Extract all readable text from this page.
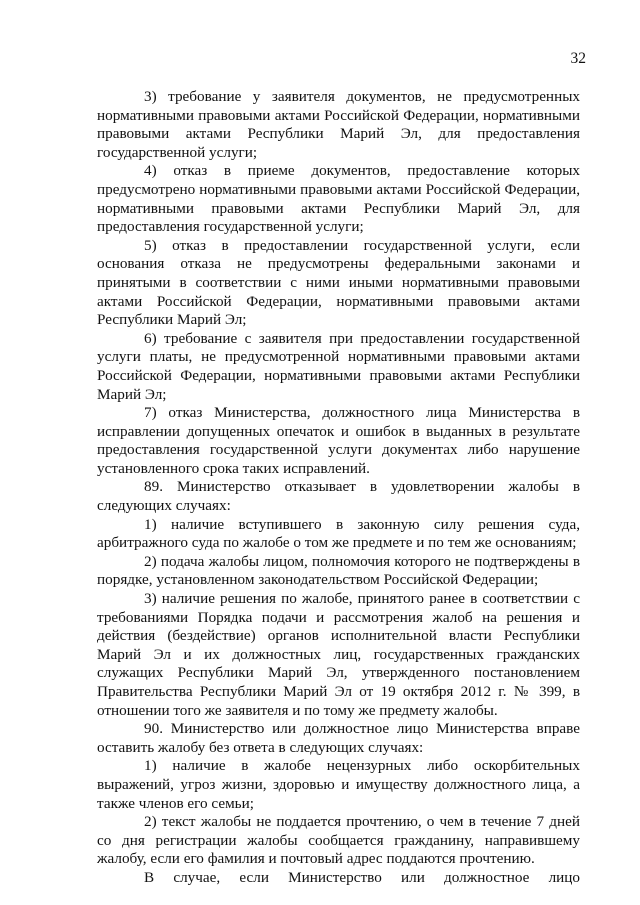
32

3) требование у заявителя документов, не предусмотренных нормативными правовыми актами Российской Федерации, нормативными правовыми актами Республики Марий Эл, для предоставления государственной услуги;

4) отказ в приеме документов, предоставление которых предусмотрено нормативными правовыми актами Российской Федерации, нормативными правовыми актами Республики Марий Эл, для предоставления государственной услуги;

5) отказ в предоставлении государственной услуги, если основания отказа не предусмотрены федеральными законами и принятыми в соответствии с ними иными нормативными правовыми актами Российской Федерации, нормативными правовыми актами Республики Марий Эл;

6) требование с заявителя при предоставлении государственной услуги платы, не предусмотренной нормативными правовыми актами Российской Федерации, нормативными правовыми актами Республики Марий Эл;

7) отказ Министерства, должностного лица Министерства в исправлении допущенных опечаток и ошибок в выданных в результате предоставления государственной услуги документах либо нарушение установленного срока таких исправлений.

89. Министерство отказывает в удовлетворении жалобы в следующих случаях:

1) наличие вступившего в законную силу решения суда, арбитражного суда по жалобе о том же предмете и по тем же основаниям;

2) подача жалобы лицом, полномочия которого не подтверждены в порядке, установленном законодательством Российской Федерации;

3) наличие решения по жалобе, принятого ранее в соответствии с требованиями Порядка подачи и рассмотрения жалоб на решения и действия (бездействие) органов исполнительной власти Республики Марий Эл и их должностных лиц, государственных гражданских служащих Республики Марий Эл, утвержденного постановлением Правительства Республики Марий Эл от 19 октября 2012 г. № 399, в отношении того же заявителя и по тому же предмету жалобы.

90. Министерство или должностное лицо Министерства вправе оставить жалобу без ответа в следующих случаях:

1) наличие в жалобе нецензурных либо оскорбительных выражений, угроз жизни, здоровью и имуществу должностного лица, а также членов его семьи;

2) текст жалобы не поддается прочтению, о чем в течение 7 дней со дня регистрации жалобы сообщается гражданину, направившему жалобу, если его фамилия и почтовый адрес поддаются прочтению.

В случае, если Министерство или должностное лицо
